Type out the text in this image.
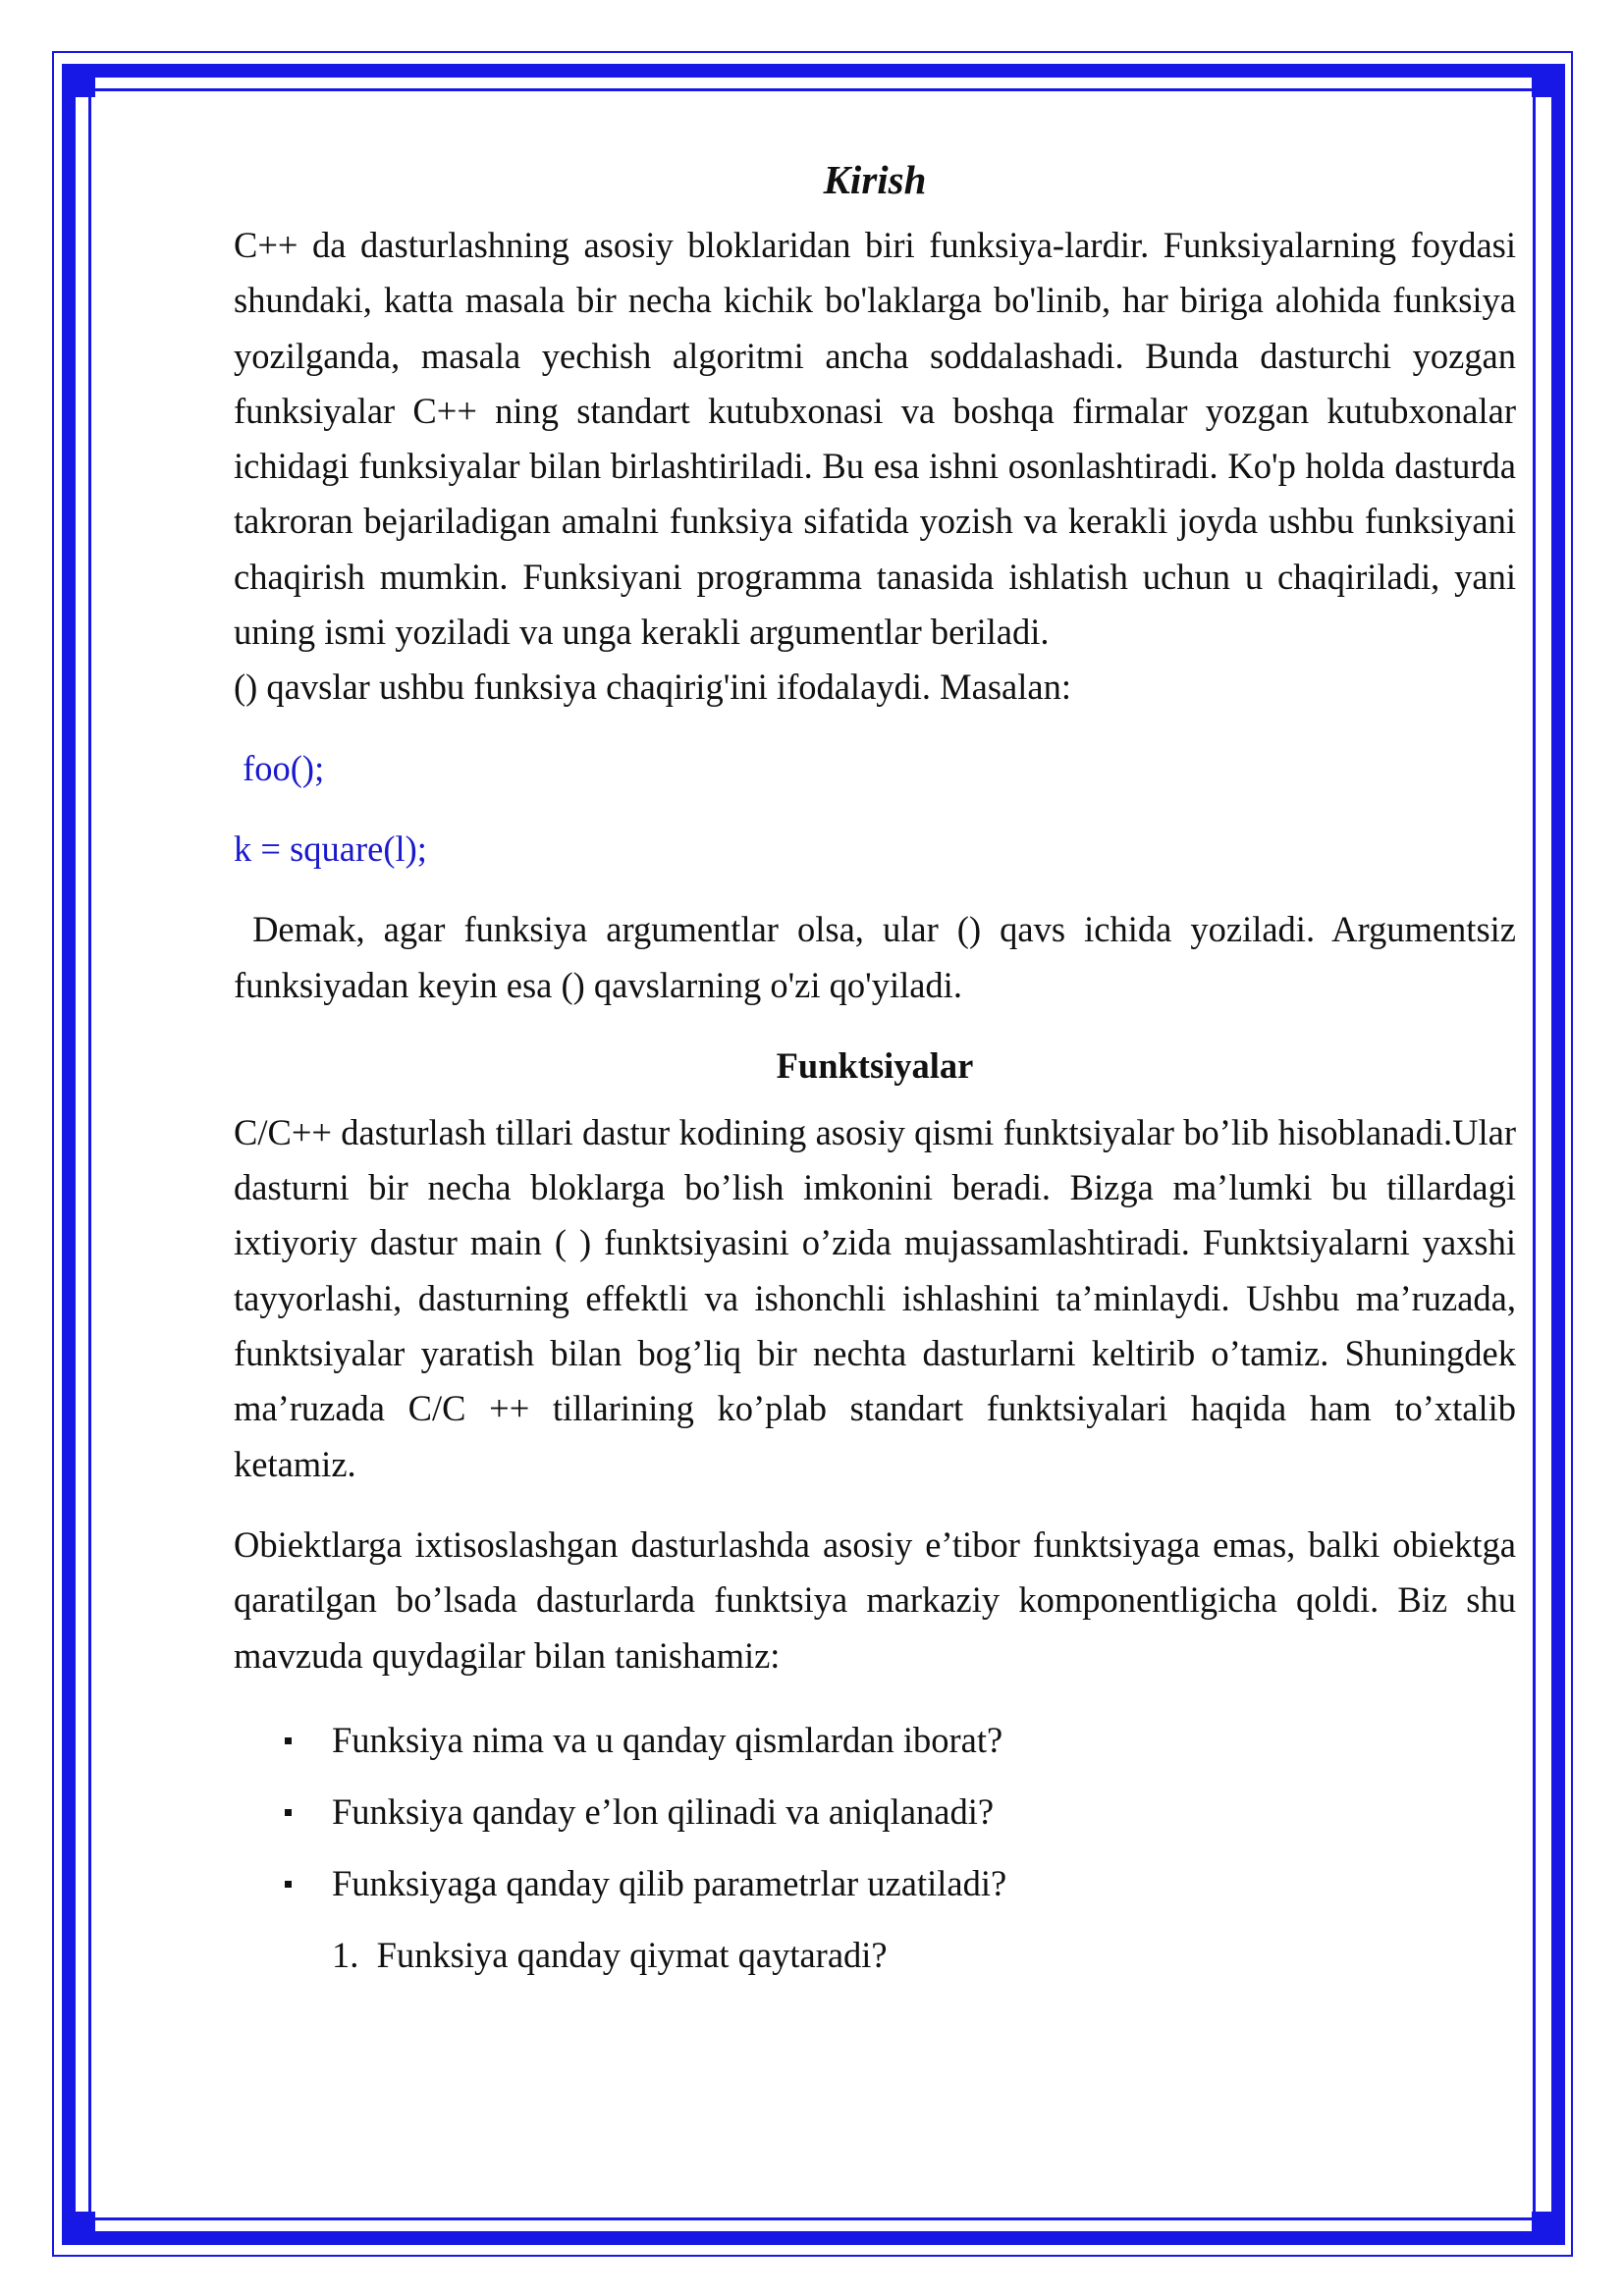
Kirish

C++ da dasturlashning asosiy bloklaridan biri funksiya-lardir. Funksiyalarning foydasi shundaki, katta masala bir necha kichik bo'laklarga bo'linib, har biriga alohida funksiya yozilganda, masala yechish algoritmi ancha soddalashadi. Bunda dasturchi yozgan funksiyalar C++ ning standart kutubxonasi va boshqa firmalar yozgan kutubxonalar ichidagi funksiyalar bilan birlashtiriladi. Bu esa ishni osonlashtiradi. Ko'p holda dasturda takroran bejariladigan amalni funksiya sifatida yozish va kerakli joyda ushbu funksiyani chaqirish mumkin. Funksiyani programma tanasida ishlatish uchun u chaqiriladi, yani uning ismi yoziladi va unga kerakli argumentlar beriladi.

() qavslar ushbu funksiya chaqirig'ini ifodalaydi. Masalan:

foo();

k = square(l);

Demak, agar funksiya argumentlar olsa, ular () qavs ichida yoziladi. Argumentsiz funksiyadan keyin esa () qavslarning o'zi qo'yiladi.

Funktsiyalar

C/C++ dasturlash tillari dastur kodining asosiy qismi funktsiyalar bo’lib hisoblanadi.Ular dasturni bir necha bloklarga bo’lish imkonini beradi. Bizga ma’lumki bu tillardagi ixtiyoriy dastur main ( ) funktsiyasini o’zida mujassamlashtiradi. Funktsiyalarni yaxshi tayyorlashi, dasturning effektli va ishonchli ishlashini ta’minlaydi. Ushbu ma’ruzada, funktsiyalar yaratish bilan bog’liq bir nechta dasturlarni keltirib o’tamiz. Shuningdek ma’ruzada C/C ++ tillarining ko’plab standart funktsiyalari haqida ham to’xtalib ketamiz.

Obiektlarga ixtisoslashgan dasturlashda asosiy e’tibor funktsiyaga emas, balki obiektga qaratilgan bo’lsada dasturlarda funktsiya markaziy komponentligicha qoldi. Biz shu mavzuda quydagilar bilan tanishamiz:

Funksiya nima va u qanday qismlardan iborat?
Funksiya qanday e’lon qilinadi va aniqlanadi?
Funksiyaga qanday qilib parametrlar uzatiladi?
1.  Funksiya qanday qiymat qaytaradi?
